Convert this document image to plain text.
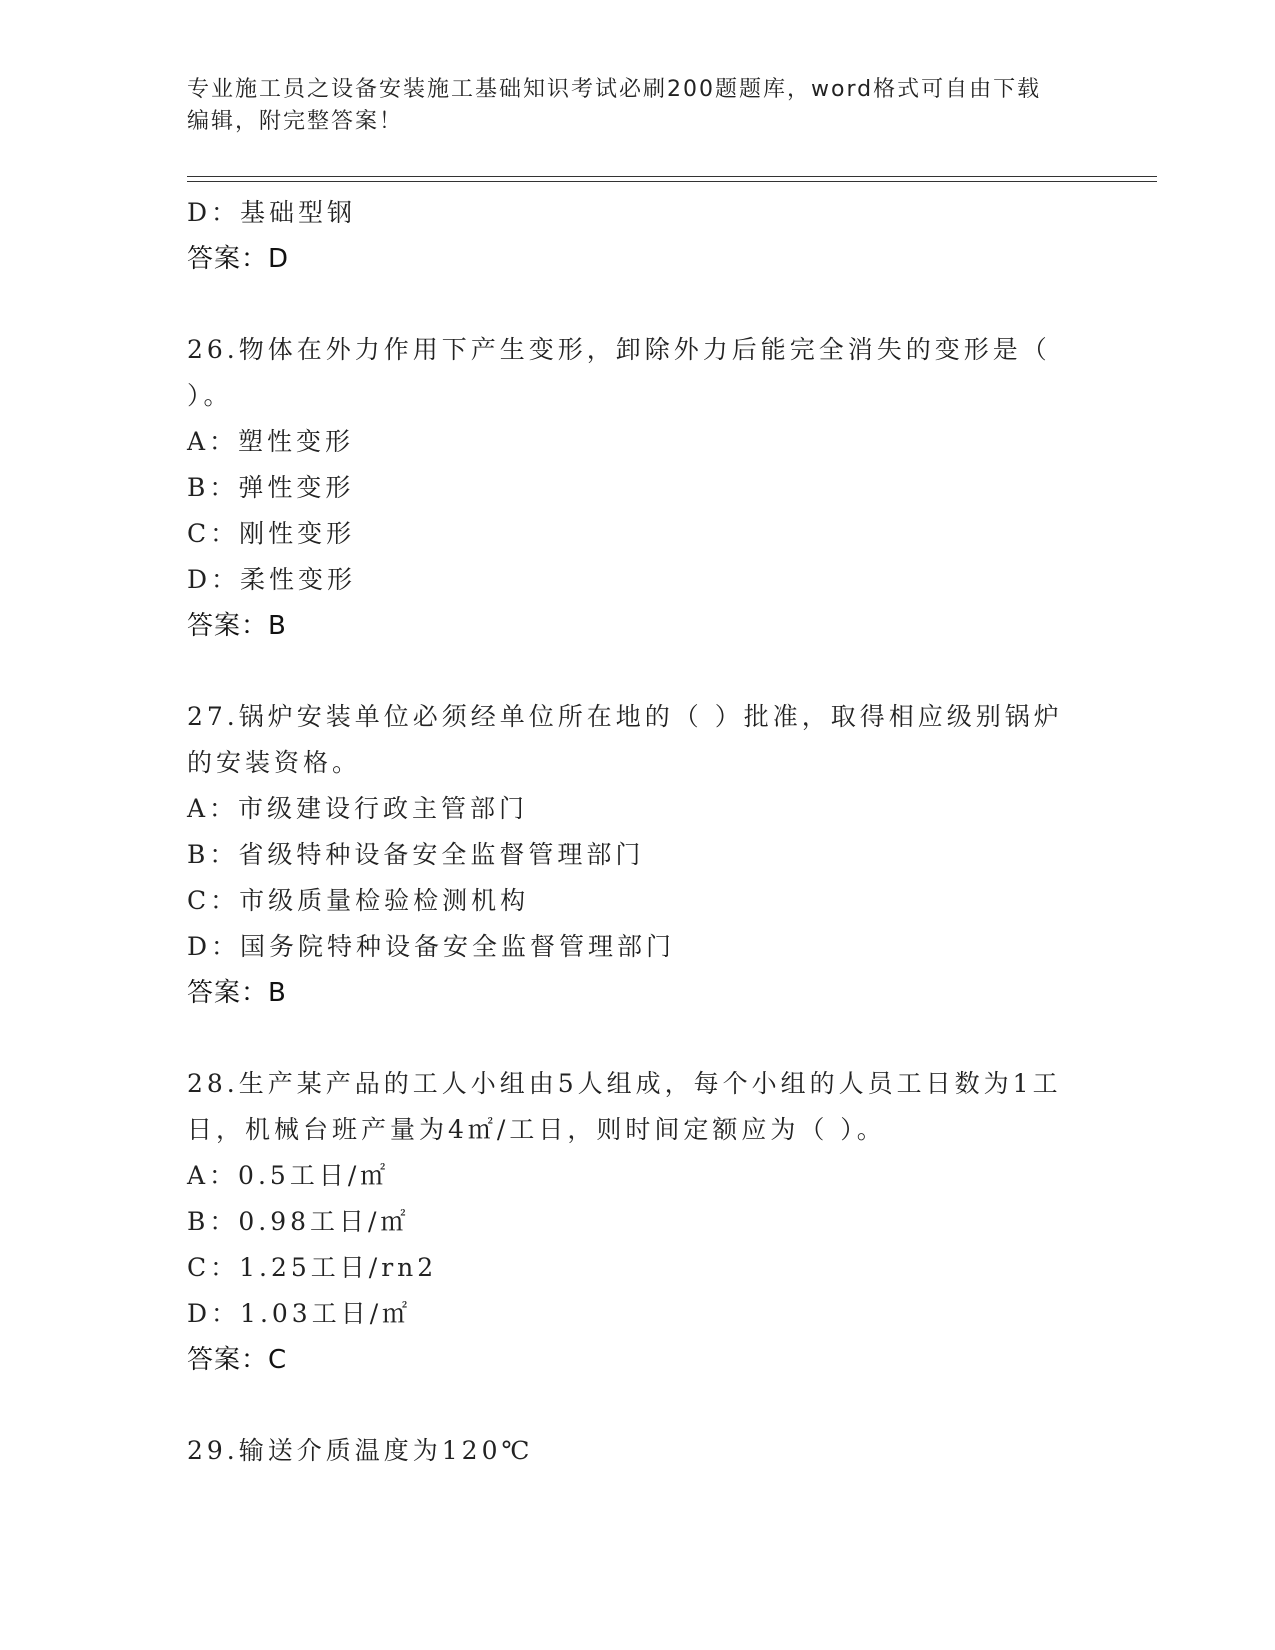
专业施工员之设备安装施工基础知识考试必刷200题题库，word格式可自由下载
编辑，附完整答案！
D：基础型钢
答案：D
26.物体在外力作用下产生变形，卸除外力后能完全消失的变形是（
）。
A：塑性变形
B：弹性变形
C：刚性变形
D：柔性变形
答案：B
27.锅炉安装单位必须经单位所在地的（ ）批准，取得相应级别锅炉
的安装资格。
A：市级建设行政主管部门
B：省级特种设备安全监督管理部门
C：市级质量检验检测机构
D：国务院特种设备安全监督管理部门
答案：B
28.生产某产品的工人小组由5人组成，每个小组的人员工日数为1工
日，机械台班产量为4㎡/工日，则时间定额应为（ ）。
A：0.5工日/㎡
B：0.98工日/㎡
C：1.25工日/rn2
D：1.03工日/㎡
答案：C
29.输送介质温度为120℃
